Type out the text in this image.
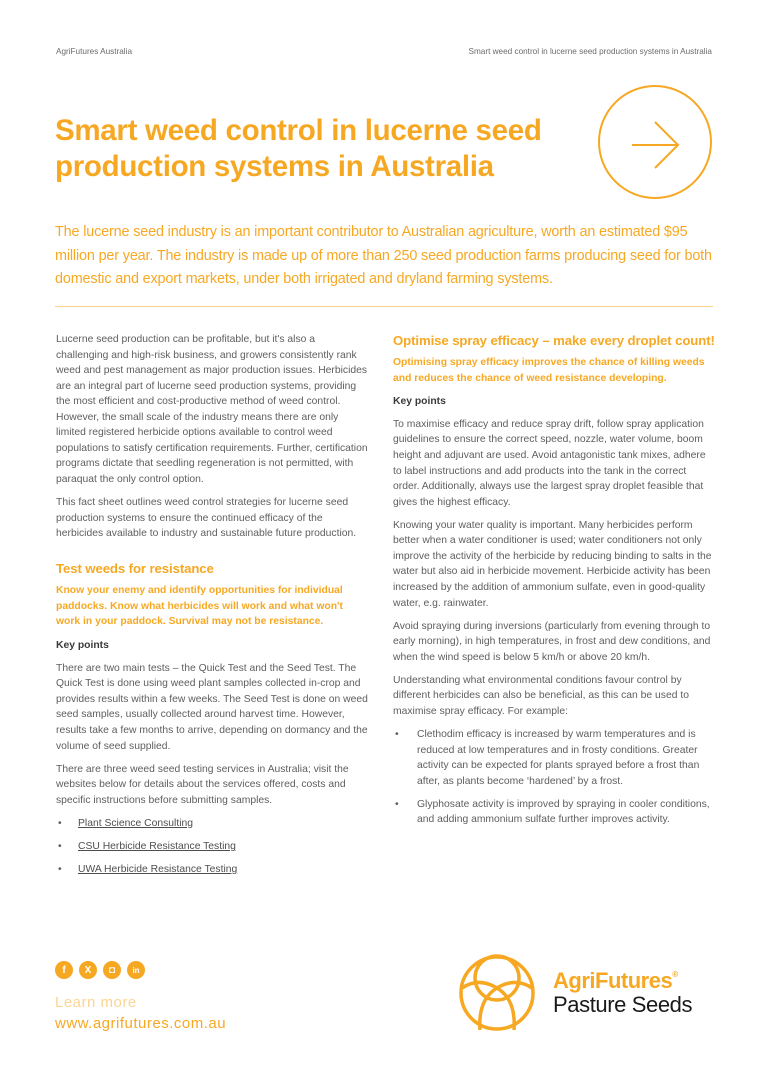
AgriFutures Australia	Smart weed control in lucerne seed production systems in Australia
Smart weed control in lucerne seed production systems in Australia

The lucerne seed industry is an important contributor to Australian agriculture, worth an estimated $95 million per year. The industry is made up of more than 250 seed production farms producing seed for both domestic and export markets, under both irrigated and dryland farming systems.

Lucerne seed production can be profitable, but it's also a challenging and high-risk business, and growers consistently rank weed and pest management as major production issues. Herbicides are an integral part of lucerne seed production systems, providing the most efficient and cost-productive method of weed control. However, the small scale of the industry means there are only limited registered herbicide options available to control weed populations to satisfy certification requirements. Further, certification programs dictate that seedling regeneration is not permitted, with paraquat the only control option.

This fact sheet outlines weed control strategies for lucerne seed production systems to ensure the continued efficacy of the herbicides available to industry and sustainable future production.

Test weeds for resistance

Know your enemy and identify opportunities for individual paddocks. Know what herbicides will work and what won't work in your paddock. Survival may not be resistance.

Key points

There are two main tests – the Quick Test and the Seed Test. The Quick Test is done using weed plant samples collected in-crop and provides results within a few weeks. The Seed Test is done on weed seed samples, usually collected around harvest time. However, results take a few months to arrive, depending on dormancy and the volume of seed supplied.

There are three weed seed testing services in Australia; visit the websites below for details about the services offered, costs and specific instructions before submitting samples.

• Plant Science Consulting
• CSU Herbicide Resistance Testing
• UWA Herbicide Resistance Testing
Optimise spray efficacy – make every droplet count!

Optimising spray efficacy improves the chance of killing weeds and reduces the chance of weed resistance developing.

Key points

To maximise efficacy and reduce spray drift, follow spray application guidelines to ensure the correct speed, nozzle, water volume, boom height and adjuvant are used. Avoid antagonistic tank mixes, adhere to label instructions and add products into the tank in the correct order. Additionally, always use the largest spray droplet feasible that gives the highest efficacy.

Knowing your water quality is important. Many herbicides perform better when a water conditioner is used; water conditioners not only improve the activity of the herbicide by reducing binding to salts in the water but also aid in herbicide movement. Herbicide activity has been increased by the addition of ammonium sulfate, even in good-quality water, e.g. rainwater.

Avoid spraying during inversions (particularly from evening through to early morning), in high temperatures, in frost and dew conditions, and when the wind speed is below 5 km/h or above 20 km/h.

Understanding what environmental conditions favour control by different herbicides can also be beneficial, as this can be used to maximise spray efficacy. For example:

• Clethodim efficacy is increased by warm temperatures and is reduced at low temperatures and in frosty conditions. Greater activity can be expected for plants sprayed before a frost than after, as plants become ‘hardened’ by a frost.
• Glyphosate activity is improved by spraying in cooler conditions, and adding ammonium sulfate further improves activity.
f	X	◘	in
Learn more
www.agrifutures.com.au
AgriFutures®
Pasture Seeds
